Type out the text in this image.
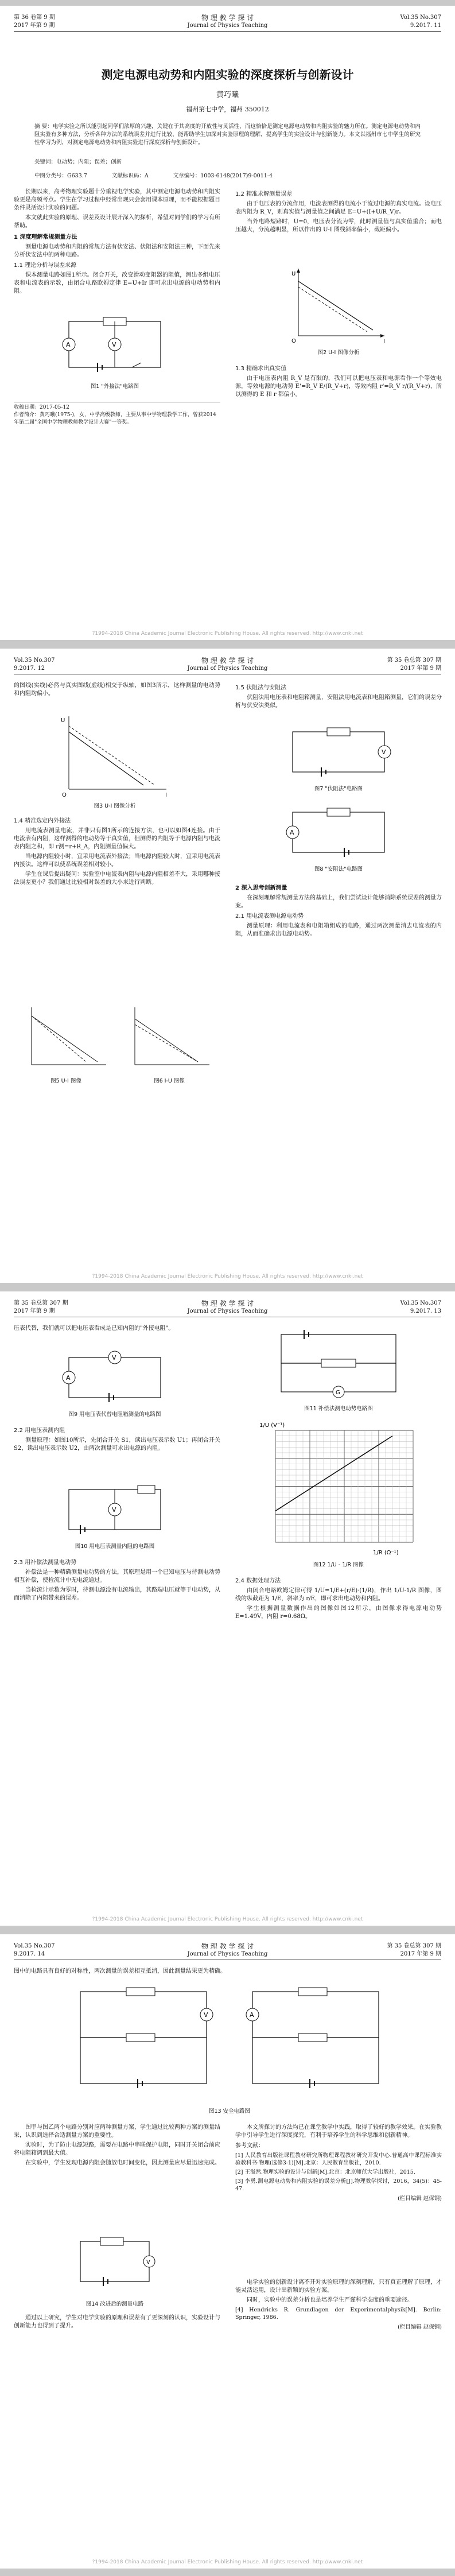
第 36 卷第 9 期
2017 年第 9 期
物 理 教 学 探 讨
Journal of Physics Teaching
Vol.35 No.307
9.2017. 11
测定电源电动势和内阻实验的深度探析与创新设计
黄巧曦
福州第七中学，福州 350012
摘 要：电学实验之所以能引起同学们浓厚的兴趣，关键在于其高度的开放性与灵活性，而这恰恰是测定电源电动势和内阻实验的魅力所在。测定电源电动势和内阻实验有多种方法，分析各种方法的系统误差并进行比较，能帮助学生加深对实验原理的理解，提高学生的实验设计与创新能力。本文以福州市七中学生的研究性学习为例，对测定电源电动势和内阻实验进行深度探析与创新设计。
关键词：电动势；内阻；误差；创新
中图分类号：G633.7	文献标识码：A	文章编号：1003-6148(2017)9-0011-4

长期以来，高考物理实验题十分重视电学实验，其中测定电源电动势和内阻实验更是高频考点。学生在学习过程中经常出现只会套用课本原理，而不能根据题目条件灵活设计实验的问题。

本文就此实验的原理、误差及设计展开深入的探析，希望对同学们的学习有所帮助。

1 深度理解常规测量方法

测量电源电动势和内阻的常规方法有伏安法、伏阻法和安阻法三种，下面先来分析伏安法中的两种电路。

1.1 理论分析与误差来源

课本测量电路如图1所示。闭合开关，改变滑动变阻器的阻值，测出多组电压表和电流表的示数，由闭合电路欧姆定律 E=U+Ir 即可求出电源的电动势和内阻。

A	V
图1 "外接法"电路图
1.2 精准求解测量误差

由于电压表的分流作用，电流表测得的电流小于流过电源的真实电流。设电压表内阻为 R_V，则真实值与测量值之间满足 E=U+(I+U/R_V)r。

当外电路短路时，U=0，电压表分流为零，此时测量值与真实值重合；而电压越大，分流越明显，所以作出的 U-I 图线斜率偏小，截距偏小。

U
I
O
图2 U-I 图像分析
1.3 精确求出真实值

由于电压表内阻 R_V 是有限的，我们可以把电压表和电源看作一个等效电源，等效电源的电动势 E'=R_V E/(R_V+r)，等效内阻 r'=R_V r/(R_V+r)，所以测得的 E 和 r 都偏小。

收稿日期：2017-05-12
作者简介：黄巧曦(1975-)，女，中学高级教师，主要从事中学物理教学工作，曾获2014年第二届"全国中学物理教师教学设计大赛"一等奖。
?1994-2018 China Academic Journal Electronic Publishing House. All rights reserved. http://www.cnki.net
Vol.35 No.307
9.2017. 12
物 理 教 学 探 讨
Journal of Physics Teaching
第 35 卷总第 307 期
2017 年第 9 期

的图线(实线)必然与真实图线(虚线)相交于纵轴，如图3所示，这样测量的电动势和内阻均偏小。

U
I
O
图3 U-I 图像分析
1.4 精准选定内外接法

用电流表测量电流，并非只有图1所示的连接方法，也可以如图4连接。由于电流表有内阻，这样测得的电动势等于真实值，但测得的内阻等于电源内阻与电流表内阻之和，即 r测=r+R_A，内阻测量值偏大。

当电源内阻较小时，宜采用电流表外接法；当电源内阻较大时，宜采用电流表内接法。这样可以使系统误差相对较小。

学生在课后提出疑问：实验室中电流表内阻与电源内阻相差不大，采用哪种接法误差更小？我们通过比较相对误差的大小来进行判断。

图5 U-I 图像	图6 I-U 图像
1.5 伏阻法与安阻法

伏阻法用电压表和电阻箱测量，安阻法用电流表和电阻箱测量，它们的误差分析与伏安法类似。

V
图7 "伏阻法"电路图
A
图8 "安阻法"电路图
2 深入思考创新测量

在深刻理解常规测量方法的基础上，我们尝试设计能够消除系统误差的测量方案。

2.1 用电流表测电源电动势

测量原理：利用电流表和电阻箱组成的电路，通过两次测量消去电流表的内阻，从而准确求出电源电动势。

?1994-2018 China Academic Journal Electronic Publishing House. All rights reserved. http://www.cnki.net
第 35 卷总第 307 期
2017 年第 9 期
物 理 教 学 探 讨
Journal of Physics Teaching
Vol.35 No.307
9.2017. 13

压表代替，我们就可以把电压表看成是已知内阻的"外接电阻"。

V
A
图9 用电压表代替电阻箱测量的电路图
2.2 用电压表测内阻

测量原理：如图10所示，先闭合开关 S1，读出电压表示数 U1；再闭合开关 S2，读出电压表示数 U2，由两次测量可求出电源的内阻。

V
图10 用电压表测量内阻的电路图
2.3 用补偿法测量电动势

补偿法是一种精确测量电动势的方法，其原理是用一个已知电压与待测电动势相互补偿，使检流计中无电流通过。

当检流计示数为零时，待测电源没有电流输出，其路端电压就等于电动势，从而消除了内阻带来的误差。

G
图11 补偿法测电动势电路图
1/U (V⁻¹)
1/R (Ω⁻¹)
图12 1/U - 1/R 图像
2.4 数据处理方法

由闭合电路欧姆定律可得 1/U=1/E+(r/E)·(1/R)，作出 1/U-1/R 图像，图线的纵截距为 1/E，斜率为 r/E，即可求出电动势和内阻。

学生根据测量数据作出的图像如图12所示，由图像求得电源电动势 E=1.49V，内阻 r=0.68Ω。

?1994-2018 China Academic Journal Electronic Publishing House. All rights reserved. http://www.cnki.net
Vol.35 No.307
9.2017. 14
物 理 教 学 探 讨
Journal of Physics Teaching
第 35 卷总第 307 期
2017 年第 9 期

图中的电路具有良好的对称性，两次测量的误差相互抵消，因此测量结果更为精确。

V	A
图13 安全电路图

图甲与图乙两个电路分别对应两种测量方案，学生通过比较两种方案的测量结果，认识到选择合适测量方案的重要性。

实验时，为了防止电源短路，需要在电路中串联保护电阻，同时开关闭合前应将电阻箱调到最大值。

在实验中，学生发现电源内阻会随放电时间变化，因此测量应尽量迅速完成。

V
图14 改进后的测量电路

通过以上研究，学生对电学实验的原理和误差有了更深刻的认识，实验设计与创新能力也得到了提升。

本文所探讨的方法均已在课堂教学中实践，取得了较好的教学效果。在实验教学中引导学生进行深度探究，有利于培养学生的科学思维和创新精神。

参考文献：
[1] 人民教育出版社课程教材研究所物理课程教材研究开发中心.普通高中课程标准实验教科书·物理(选修3-1)[M].北京：人民教育出版社，2010.
[2] 王溢然.物理实验的设计与创新[M].北京：北京师范大学出版社，2015.
[3] 李勇.测电源电动势和内阻实验的误差分析[J].物理教学探讨，2016，34(5)：45-47.
(栏目编辑 赵保钢)

电学实验的创新设计离不开对实验原理的深刻理解，只有真正理解了原理，才能灵活运用，设计出新颖的实验方案。

同时，实验中的误差分析也是培养学生严谨科学态度的重要途径。

[4] Hendricks R. Grundlagen der Experimentalphysik[M]. Berlin: Springer, 1986.
(栏目编辑 赵保钢)
?1994-2018 China Academic Journal Electronic Publishing House. All rights reserved. http://www.cnki.net
